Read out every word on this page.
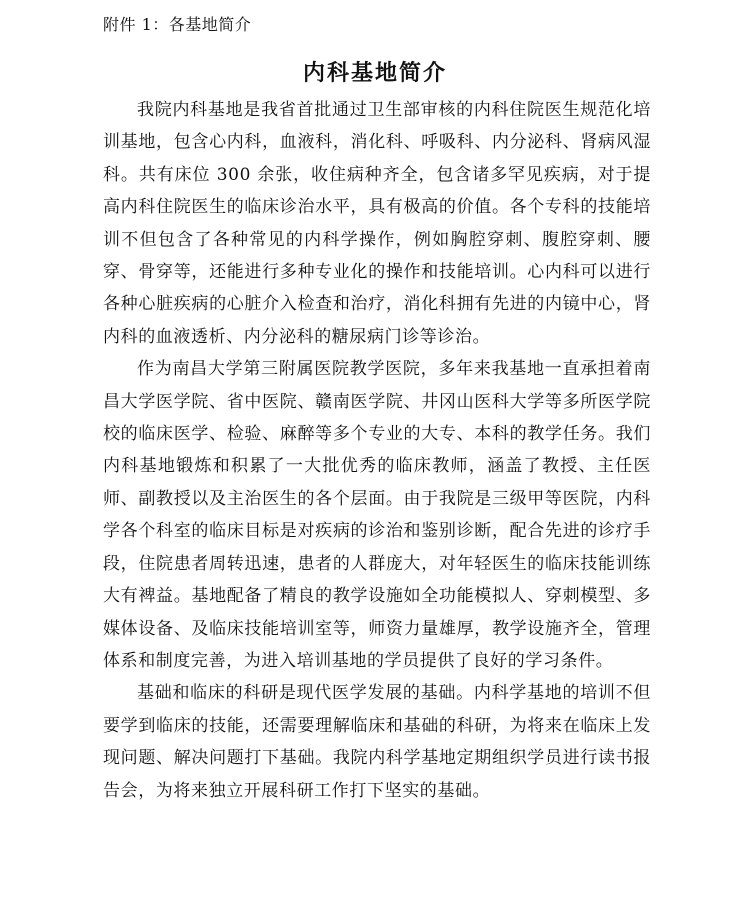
附件 1：各基地简介
内科基地简介

我院内科基地是我省首批通过卫生部审核的内科住院医生规范化培训基地，包含心内科，血液科，消化科、呼吸科、内分泌科、肾病风湿科。共有床位 300 余张，收住病种齐全，包含诸多罕见疾病，对于提高内科住院医生的临床诊治水平，具有极高的价值。各个专科的技能培训不但包含了各种常见的内科学操作，例如胸腔穿刺、腹腔穿刺、腰穿、骨穿等，还能进行多种专业化的操作和技能培训。心内科可以进行各种心脏疾病的心脏介入检查和治疗，消化科拥有先进的内镜中心，肾内科的血液透析、内分泌科的糖尿病门诊等诊治。

作为南昌大学第三附属医院教学医院，多年来我基地一直承担着南昌大学医学院、省中医院、赣南医学院、井冈山医科大学等多所医学院校的临床医学、检验、麻醉等多个专业的大专、本科的教学任务。我们内科基地锻炼和积累了一大批优秀的临床教师，涵盖了教授、主任医师、副教授以及主治医生的各个层面。由于我院是三级甲等医院，内科学各个科室的临床目标是对疾病的诊治和鉴别诊断，配合先进的诊疗手段，住院患者周转迅速，患者的人群庞大，对年轻医生的临床技能训练大有裨益。基地配备了精良的教学设施如全功能模拟人、穿刺模型、多媒体设备、及临床技能培训室等，师资力量雄厚，教学设施齐全，管理体系和制度完善，为进入培训基地的学员提供了良好的学习条件。

基础和临床的科研是现代医学发展的基础。内科学基地的培训不但要学到临床的技能，还需要理解临床和基础的科研，为将来在临床上发现问题、解决问题打下基础。我院内科学基地定期组织学员进行读书报告会，为将来独立开展科研工作打下坚实的基础。
